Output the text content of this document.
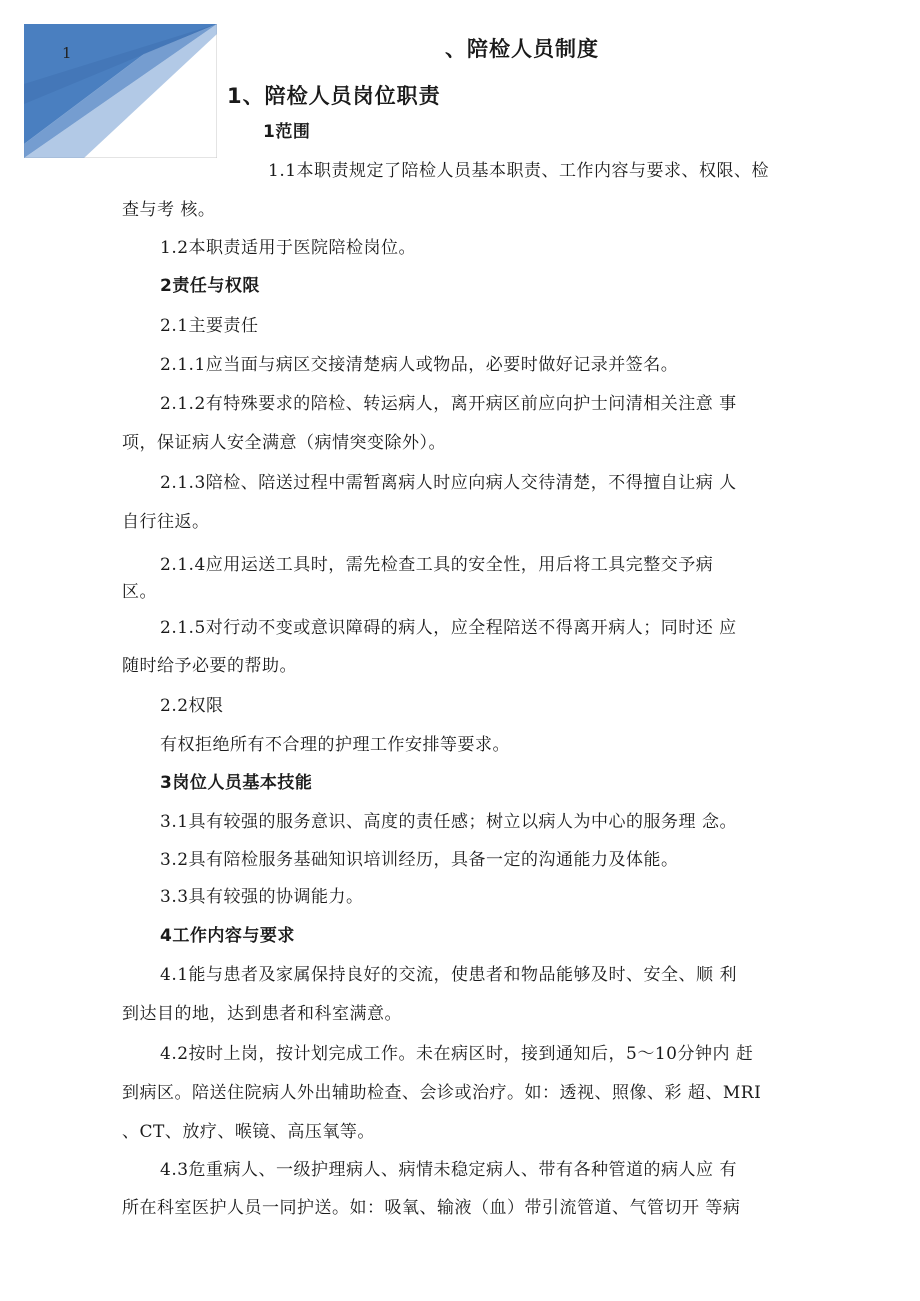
1	、陪检人员制度
1、陪检人员岗位职责
1范围
1.1本职责规定了陪检人员基本职责、工作内容与要求、权限、检
查与考 核。
1.2本职责适用于医院陪检岗位。
2责任与权限
2.1主要责任
2.1.1应当面与病区交接清楚病人或物品，必要时做好记录并签名。
2.1.2有特殊要求的陪检、转运病人，离开病区前应向护士问清相关注意 事
项，保证病人安全满意（病情突变除外）。
2.1.3陪检、陪送过程中需暂离病人时应向病人交待清楚，不得擅自让病 人
自行往返。
2.1.4应用运送工具时，需先检查工具的安全性，用后将工具完整交予病
区。
2.1.5对行动不变或意识障碍的病人，应全程陪送不得离开病人；同时还 应
随时给予必要的帮助。
2.2权限
有权拒绝所有不合理的护理工作安排等要求。
3岗位人员基本技能
3.1具有较强的服务意识、高度的责任感；树立以病人为中心的服务理 念。
3.2具有陪检服务基础知识培训经历，具备一定的沟通能力及体能。
3.3具有较强的协调能力。
4工作内容与要求
4.1能与患者及家属保持良好的交流，使患者和物品能够及时、安全、顺 利
到达目的地，达到患者和科室满意。
4.2按时上岗，按计划完成工作。未在病区时，接到通知后，5～10分钟内 赶
到病区。陪送住院病人外出辅助检查、会诊或治疗。如：透视、照像、彩 超、MRI
、CT、放疗、喉镜、高压氧等。
4.3危重病人、一级护理病人、病情未稳定病人、带有各种管道的病人应 有
所在科室医护人员一同护送。如：吸氧、输液（血）带引流管道、气管切开 等病
